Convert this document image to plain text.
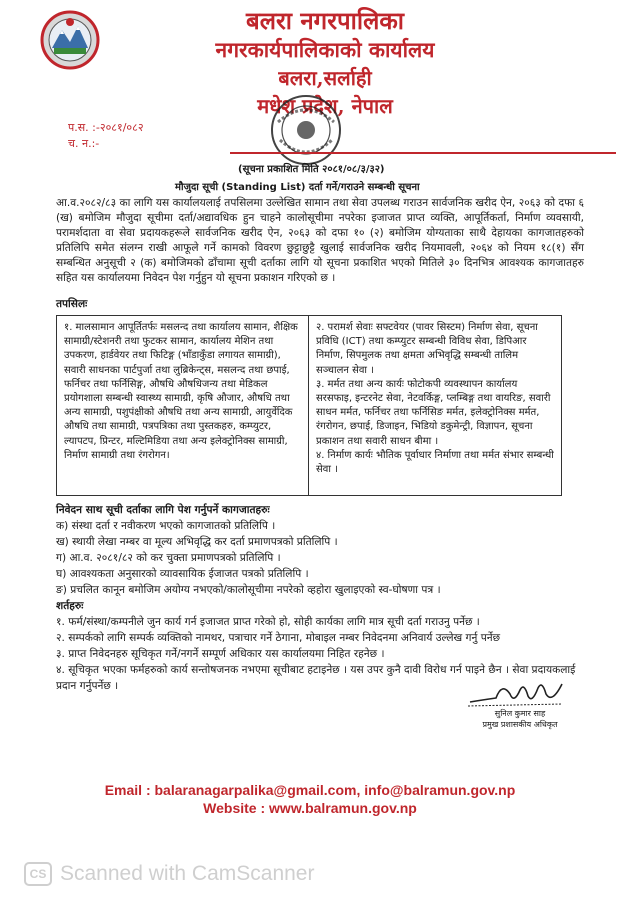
बलरा नगरपालिका
नगरकार्यपालिकाको कार्यालय
बलरा,सर्लाही
मधेश प्रदेश, नेपाल
प.स. :-२०८१/०८२
च. न.:-
(सूचना प्रकाशित मिति २०८१/०८/३/३२)
मौजुदा सूची (Standing List) दर्ता गर्ने/गराउने सम्बन्धी सूचना
आ.व.२०८२/८३ का लागि यस कार्यालयलाई तपसिलमा उल्लेखित सामान तथा सेवा उपलब्ध गराउन सार्वजनिक खरीद ऐन, २०६३ को दफा ६ (ख) बमोजिम मौजुदा सूचीमा दर्ता/अद्यावधिक हुन चाहने कालोसूचीमा नपरेका इजाजत प्राप्त व्यक्ति, आपूर्तिकर्ता, निर्माण व्यवसायी, परामर्शदाता वा सेवा प्रदायकहरूले सार्वजनिक खरीद ऐन, २०६३ को दफा १० (२) बमोजिम योग्यताका साथै देहायका कागजातहरुको प्रतिलिपि समेत संलग्न राखी आफूले गर्ने कामको विवरण छुट्टाछुट्टै खुलाई सार्वजनिक खरीद नियमावली, २०६४ को नियम १८(१) सँग सम्बन्धित अनुसूची २ (क) बमोजिमको ढाँचामा सूची दर्ताका लागि यो सूचना प्रकाशित भएको मितिले ३० दिनभित्र आवश्यक कागजातहरु सहित यस कार्यालयमा निवेदन पेश गर्नुहुन यो सूचना प्रकाशन गरिएको छ ।
तपसिलः
१. मालसामान आपूर्तितर्फः मसलन्द तथा कार्यालय सामान, शैक्षिक सामाग्री/स्टेशनरी तथा फुटकर सामान, कार्यालय मेशिन तथा उपकरण, हार्डवेयर तथा फिटिङ्ग (भाँडाकुँडा लगायत सामाग्री), सवारी साधनका पार्टपुर्जा तथा लुब्रिकेन्ट्स, मसलन्द तथा छपाई, फर्निचर तथा फर्निसिङ्ग, औषधि औषधिजन्य तथा मेडिकल प्रयोगशाला सम्बन्धी स्वास्थ्य सामाग्री, कृषि औजार, औषधि तथा अन्य सामाग्री, पशुपंक्षीको औषधि तथा अन्य सामाग्री, आयुर्वेदिक औषधि तथा सामाग्री, पत्रपत्रिका तथा पुस्तकहरु, कम्प्युटर, ल्यापटप, प्रिन्टर, मल्टिमिडिया तथा अन्य इलेक्ट्रोनिक्स सामाग्री, निर्माण सामाग्री तथा रंगरोगन।

२. परामर्श सेवाः सफ्टवेयर (पावर सिस्टम) निर्माण सेवा, सूचना प्रविधि (ICT) तथा कम्प्युटर सम्बन्धी विविध सेवा, डिपिआर निर्माण, सिपमुलक तथा क्षमता अभिवृद्धि सम्बन्धी तालिम सञ्चालन सेवा ।

३. मर्मत तथा अन्य कार्यः फोटोकपी व्यवस्थापन कार्यालय सरसफाइ, इन्टरनेट सेवा, नेटवर्किङ्ग, प्लम्बिङ्ग तथा वायरिङ, सवारी साधन मर्मत, फर्निचर तथा फर्निसिङ मर्मत, इलेक्ट्रोनिक्स मर्मत, रंगरोगन, छपाई, डिजाइन, भिडियो डकुमेन्ट्री, विज्ञापन, सूचना प्रकाशन तथा सवारी साधन बीमा ।

४. निर्माण कार्यः भौतिक पूर्वाधार निर्माणा तथा मर्मत संभार सम्बन्धी सेवा ।

निवेदन साथ सूची दर्ताका लागि पेश गर्नुपर्ने कागजातहरुः
क) संस्था दर्ता र नवीकरण भएको कागजातको प्रतिलिपि ।
ख) स्थायी लेखा नम्बर वा मूल्य अभिवृद्धि कर दर्ता प्रमाणपत्रको प्रतिलिपि ।
ग) आ.व. २०८१/८२ को कर चुक्ता प्रमाणपत्रको प्रतिलिपि ।
घ) आवश्यकता अनुसारको व्यावसायिक ईजाजत पत्रको प्रतिलिपि ।
ङ) प्रचलित कानून बमोजिम अयोग्य नभएको/कालोसूचीमा नपरेको व्हहोरा खुलाइएको स्व-घोषणा पत्र ।
शर्तहरुः
१. फर्म/संस्था/कम्पनीले जुन कार्य गर्न इजाजत प्राप्त गरेको हो, सोही कार्यका लागि मात्र सूची दर्ता गराउनु पर्नेछ ।
२. सम्पर्कको लागि सम्पर्क व्यक्तिको नामथर, पत्राचार गर्ने ठेगाना, मोबाइल नम्बर निवेदनमा अनिवार्य उल्लेख गर्नु पर्नेछ
३. प्राप्त निवेदनहरु सूचिकृत गर्ने/नगर्ने सम्पूर्ण अधिकार यस कार्यालयमा निहित रहनेछ ।
४. सूचिकृत भएका फर्महरुको कार्य सन्तोषजनक नभएमा सूचीबाट हटाइनेछ । यस उपर कुनै दावी विरोध गर्न पाइने छैन । सेवा प्रदायकलाई प्रदान गर्नुपर्नेछ ।
सुनिल कुमार साह
प्रमुख प्रशासकीय अधिकृत
Email : balaranagarpalika@gmail.com, info@balramun.gov.np
Website : www.balramun.gov.np
CS Scanned with CamScanner
